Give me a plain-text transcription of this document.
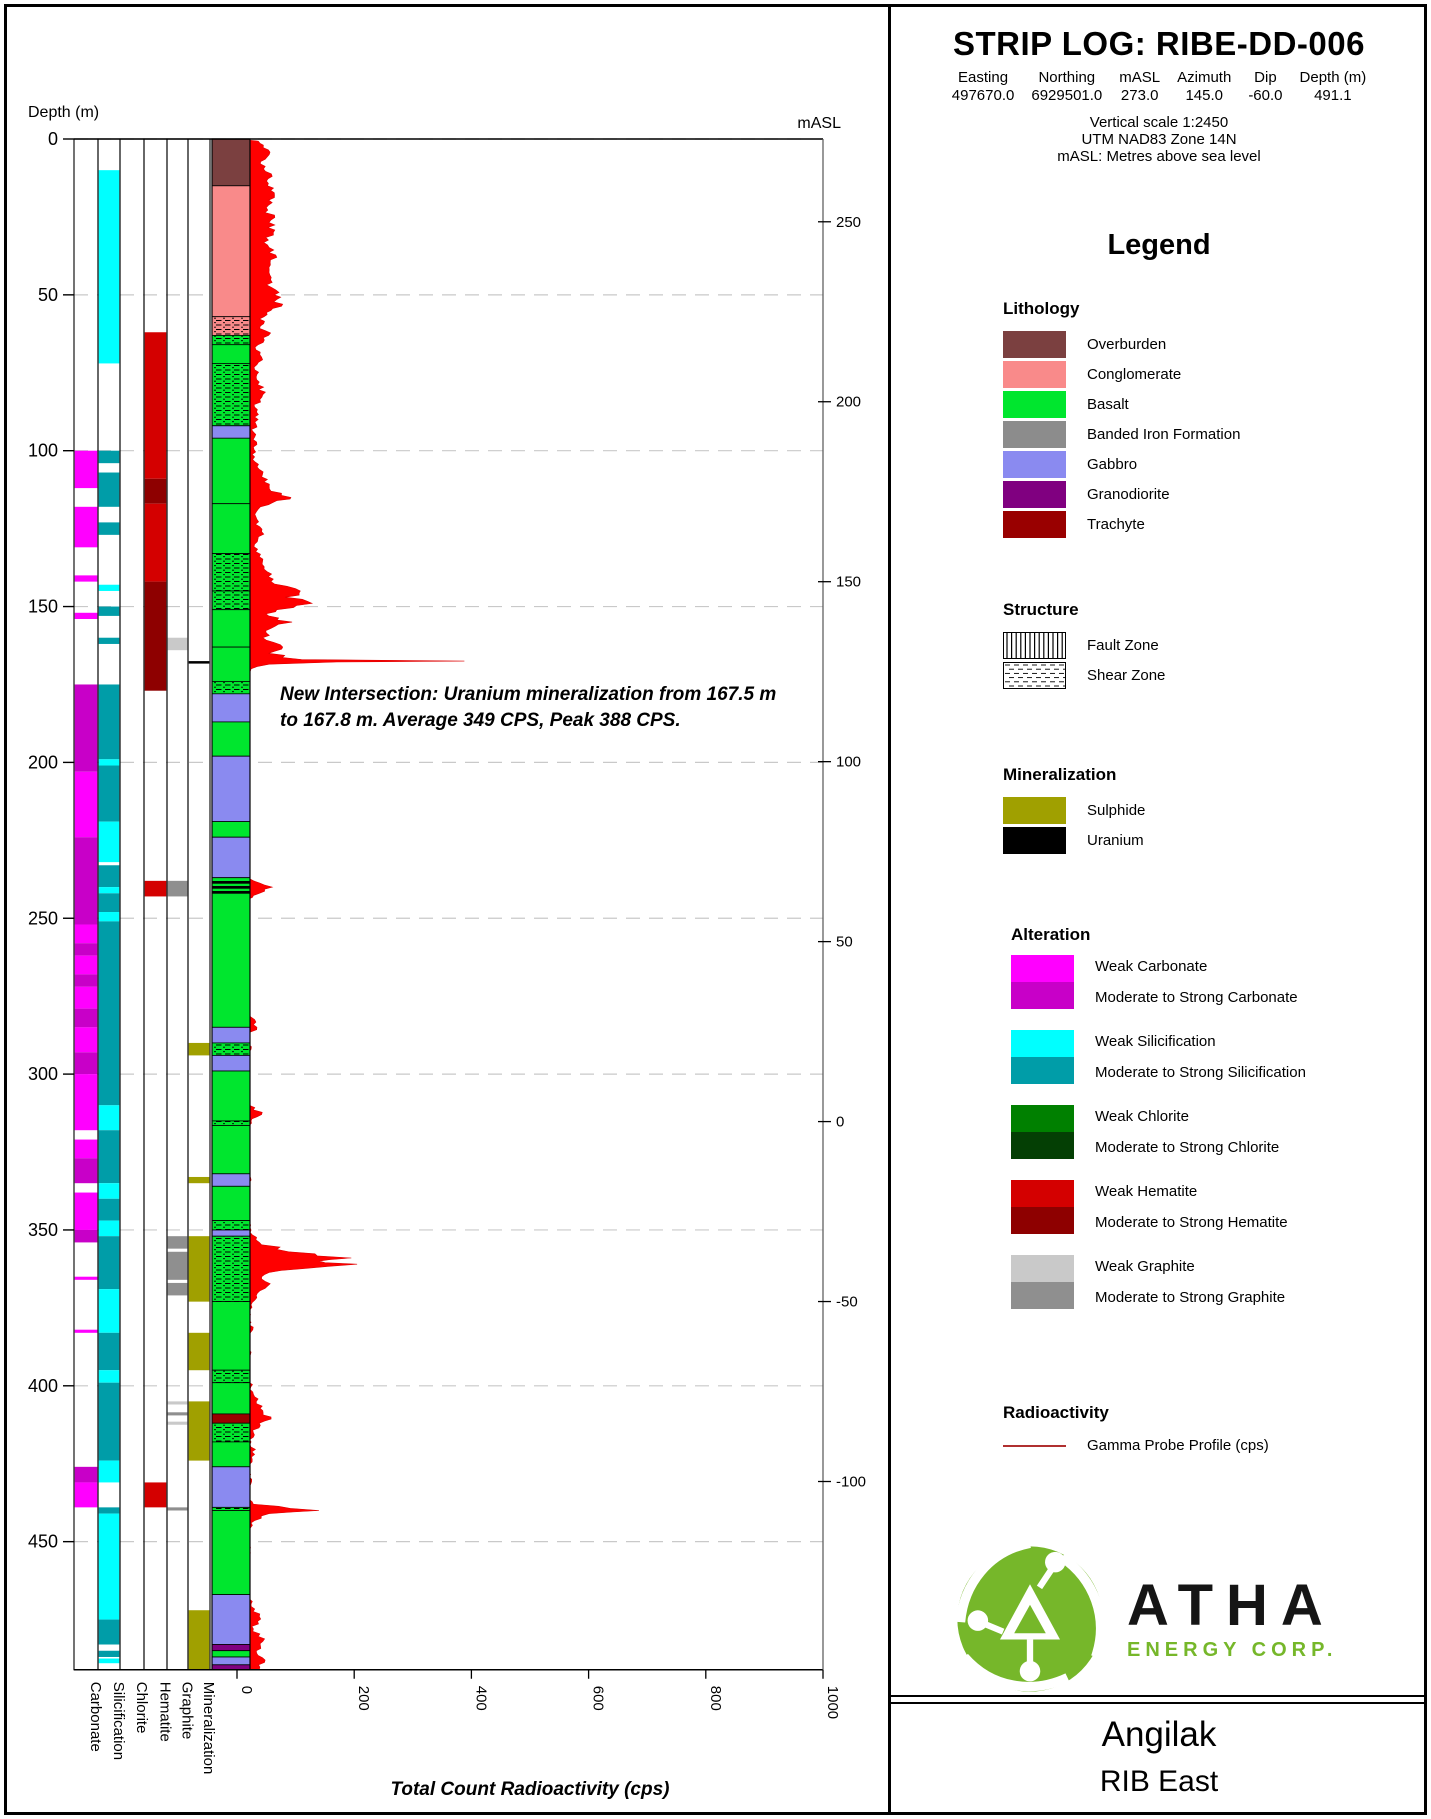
0
50
100
150
200
250
300
350
400
450
Depth (m)
250
200
150
100
50
0
-50
-100
mASL
0	200	400	600	800	1000
Total Count Radioactivity (cps)
Carbonate Silicification Chlorite Hematite Graphite Mineralization
New Intersection: Uranium mineralization from 167.5 m
to 167.8 m. Average 349 CPS, Peak 388 CPS.
STRIP LOG: RIBE-DD-006
Easting
497670.0
Northing
6929501.0
mASL
273.0
Azimuth
145.0
Dip
-60.0
Depth (m)
491.1
Vertical scale 1:2450
UTM NAD83 Zone 14N
mASL: Metres above sea level
Legend
Lithology
Overburden
Conglomerate
Basalt
Banded Iron Formation
Gabbro
Granodiorite
Trachyte
Structure
Fault Zone
Shear Zone
Mineralization
Sulphide
Uranium
Alteration
Weak Carbonate
Moderate to Strong Carbonate
Weak Silicification
Moderate to Strong Silicification
Weak Chlorite
Moderate to Strong Chlorite
Weak Hematite
Moderate to Strong Hematite
Weak Graphite
Moderate to Strong Graphite
Radioactivity
Gamma Probe Profile (cps)
ATHA
ENERGY CORP.
Angilak
RIB East
